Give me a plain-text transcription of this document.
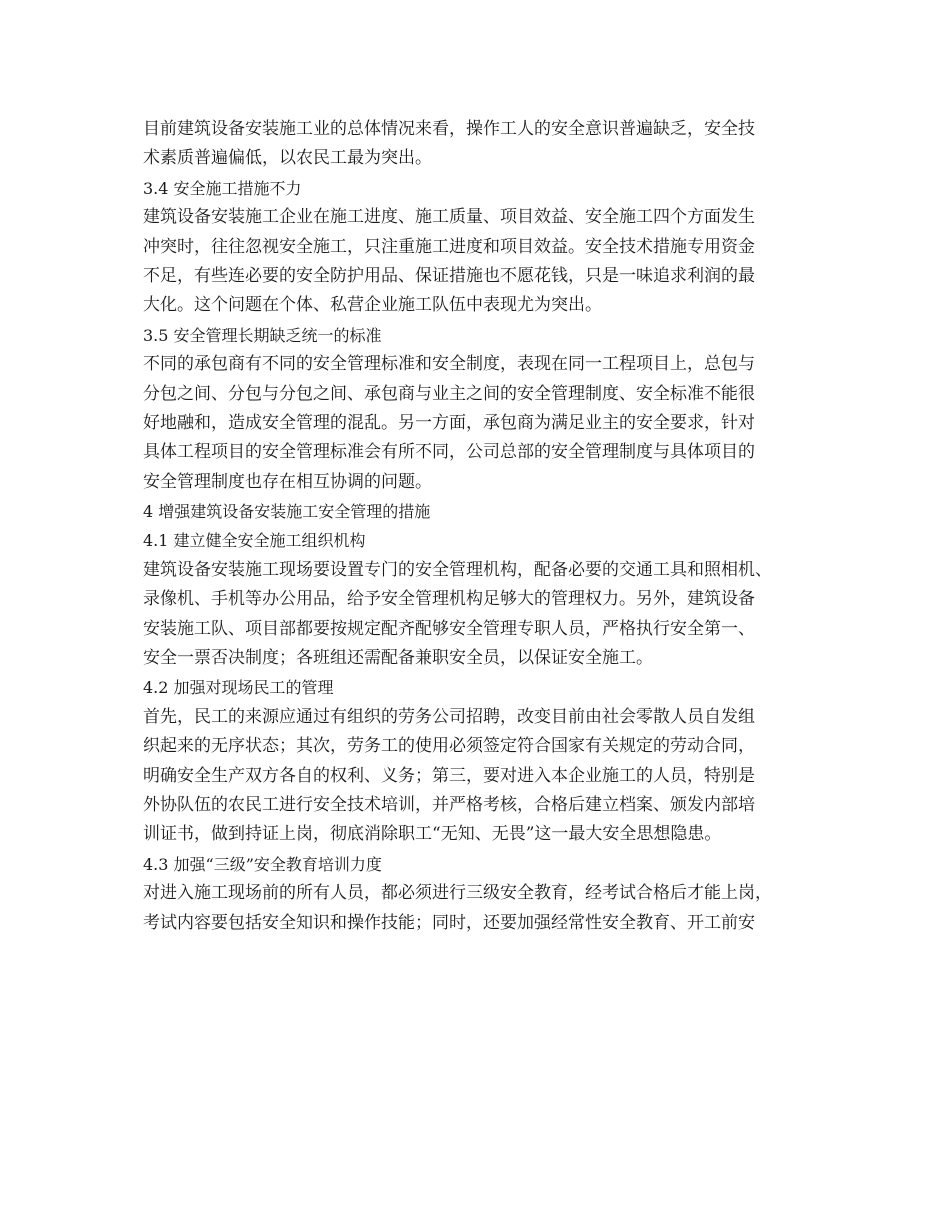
目前建筑设备安装施工业的总体情况来看，操作工人的安全意识普遍缺乏，安全技
术素质普遍偏低，以农民工最为突出。
3.4 安全施工措施不力
建筑设备安装施工企业在施工进度、施工质量、项目效益、安全施工四个方面发生
冲突时，往往忽视安全施工，只注重施工进度和项目效益。安全技术措施专用资金
不足，有些连必要的安全防护用品、保证措施也不愿花钱，只是一味追求利润的最
大化。这个问题在个体、私营企业施工队伍中表现尤为突出。
3.5 安全管理长期缺乏统一的标准
不同的承包商有不同的安全管理标准和安全制度，表现在同一工程项目上，总包与
分包之间、分包与分包之间、承包商与业主之间的安全管理制度、安全标准不能很
好地融和，造成安全管理的混乱。另一方面，承包商为满足业主的安全要求，针对
具体工程项目的安全管理标准会有所不同，公司总部的安全管理制度与具体项目的
安全管理制度也存在相互协调的问题。
4 增强建筑设备安装施工安全管理的措施
4.1 建立健全安全施工组织机构
建筑设备安装施工现场要设置专门的安全管理机构，配备必要的交通工具和照相机、
录像机、手机等办公用品，给予安全管理机构足够大的管理权力。另外，建筑设备
安装施工队、项目部都要按规定配齐配够安全管理专职人员，严格执行安全第一、
安全一票否决制度；各班组还需配备兼职安全员，以保证安全施工。
4.2 加强对现场民工的管理
首先，民工的来源应通过有组织的劳务公司招聘，改变目前由社会零散人员自发组
织起来的无序状态；其次，劳务工的使用必须签定符合国家有关规定的劳动合同，
明确安全生产双方各自的权利、义务；第三，要对进入本企业施工的人员，特别是
外协队伍的农民工进行安全技术培训，并严格考核，合格后建立档案、颁发内部培
训证书，做到持证上岗，彻底消除职工“无知、无畏”这一最大安全思想隐患。
4.3 加强“三级”安全教育培训力度
对进入施工现场前的所有人员，都必须进行三级安全教育，经考试合格后才能上岗，
考试内容要包括安全知识和操作技能；同时，还要加强经常性安全教育、开工前安
